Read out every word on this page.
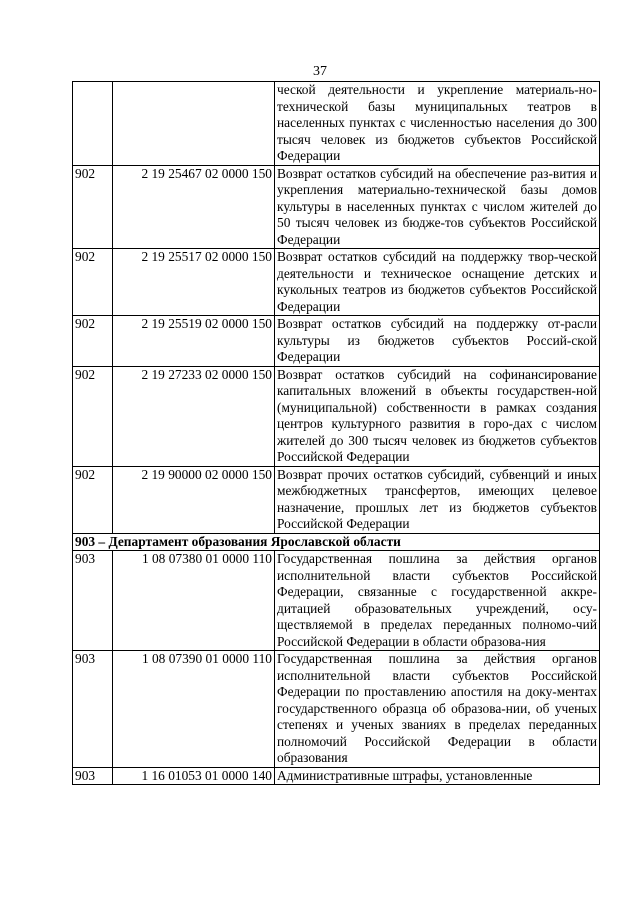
37
		ческой деятельности и укрепление материаль-но-технической базы муниципальных театров в населенных пунктах с численностью населения до 300 тысяч человек из бюджетов субъектов Российской Федерации
902	2 19 25467 02 0000 150	Возврат остатков субсидий на обеспечение раз-вития и укрепления материально-технической базы домов культуры в населенных пунктах с числом жителей до 50 тысяч человек из бюдже-тов субъектов Российской Федерации
902	2 19 25517 02 0000 150	Возврат остатков субсидий на поддержку твор-ческой деятельности и техническое оснащение детских и кукольных театров из бюджетов субъектов Российской Федерации
902	2 19 25519 02 0000 150	Возврат остатков субсидий на поддержку от-расли культуры из бюджетов субъектов Россий-ской Федерации
902	2 19 27233 02 0000 150	Возврат остатков субсидий на софинансирование капитальных вложений в объекты государствен-ной (муниципальной) собственности в рамках создания центров культурного развития в горо-дах с числом жителей до 300 тысяч человек из бюджетов субъектов Российской Федерации
902	2 19 90000 02 0000 150	Возврат прочих остатков субсидий, субвенций и иных межбюджетных трансфертов, имеющих целевое назначение, прошлых лет из бюджетов субъектов Российской Федерации
903 – Департамент образования Ярославской области		
903	1 08 07380 01 0000 110	Государственная пошлина за действия органов исполнительной власти субъектов Российской Федерации, связанные с государственной аккре-дитацией образовательных учреждений, осу-ществляемой в пределах переданных полномо-чий Российской Федерации в области образова-ния
903	1 08 07390 01 0000 110	Государственная пошлина за действия органов исполнительной власти субъектов Российской Федерации по проставлению апостиля на доку-ментах государственного образца об образова-нии, об ученых степенях и ученых званиях в пределах переданных полномочий Российской Федерации в области образования
903	1 16 01053 01 0000 140	Административные штрафы, установленные
